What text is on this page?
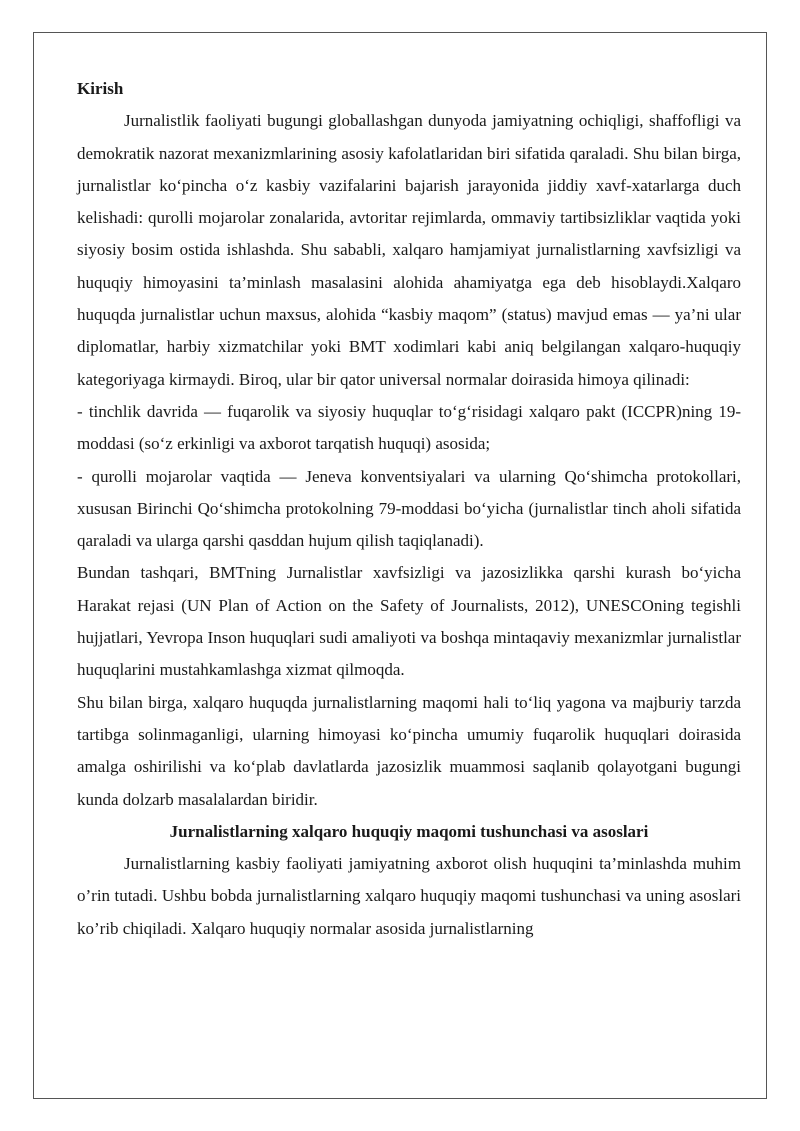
Kirish

Jurnalistlik faoliyati bugungi globallashgan dunyoda jamiyatning ochiqligi, shaffofligi va demokratik nazorat mexanizmlarining asosiy kafolatlaridan biri sifatida qaraladi. Shu bilan birga, jurnalistlar ko‘pincha o‘z kasbiy vazifalarini bajarish jarayonida jiddiy xavf-xatarlarga duch kelishadi: qurolli mojarolar zonalarida, avtoritar rejimlarda, ommaviy tartibsizliklar vaqtida yoki siyosiy bosim ostida ishlashda. Shu sababli, xalqaro hamjamiyat jurnalistlarning xavfsizligi va huquqiy himoyasini ta’minlash masalasini alohida ahamiyatga ega deb hisoblaydi.Xalqaro huquqda jurnalistlar uchun maxsus, alohida “kasbiy maqom” (status) mavjud emas — ya’ni ular diplomatlar, harbiy xizmatchilar yoki BMT xodimlari kabi aniq belgilangan xalqaro-huquqiy kategoriyaga kirmaydi. Biroq, ular bir qator universal normalar doirasida himoya qilinadi:

- tinchlik davrida — fuqarolik va siyosiy huquqlar to‘g‘risidagi xalqaro pakt (ICCPR)ning 19-moddasi (so‘z erkinligi va axborot tarqatish huquqi) asosida;

- qurolli mojarolar vaqtida — Jeneva konventsiyalari va ularning Qo‘shimcha protokollari, xususan Birinchi Qo‘shimcha protokolning 79-moddasi bo‘yicha (jurnalistlar tinch aholi sifatida qaraladi va ularga qarshi qasddan hujum qilish taqiqlanadi).

Bundan tashqari, BMTning Jurnalistlar xavfsizligi va jazosizlikka qarshi kurash bo‘yicha Harakat rejasi (UN Plan of Action on the Safety of Journalists, 2012), UNESCOning tegishli hujjatlari, Yevropa Inson huquqlari sudi amaliyoti va boshqa mintaqaviy mexanizmlar jurnalistlar huquqlarini mustahkamlashga xizmat qilmoqda.

Shu bilan birga, xalqaro huquqda jurnalistlarning maqomi hali to‘liq yagona va majburiy tarzda tartibga solinmaganligi, ularning himoyasi ko‘pincha umumiy fuqarolik huquqlari doirasida amalga oshirilishi va ko‘plab davlatlarda jazosizlik muammosi saqlanib qolayotgani bugungi kunda dolzarb masalalardan biridir.

Jurnalistlarning xalqaro huquqiy maqomi tushunchasi va asoslari

Jurnalistlarning kasbiy faoliyati jamiyatning axborot olish huquqini ta’minlashda muhim o’rin tutadi. Ushbu bobda jurnalistlarning xalqaro huquqiy maqomi tushunchasi va uning asoslari ko’rib chiqiladi. Xalqaro huquqiy normalar asosida jurnalistlarning
